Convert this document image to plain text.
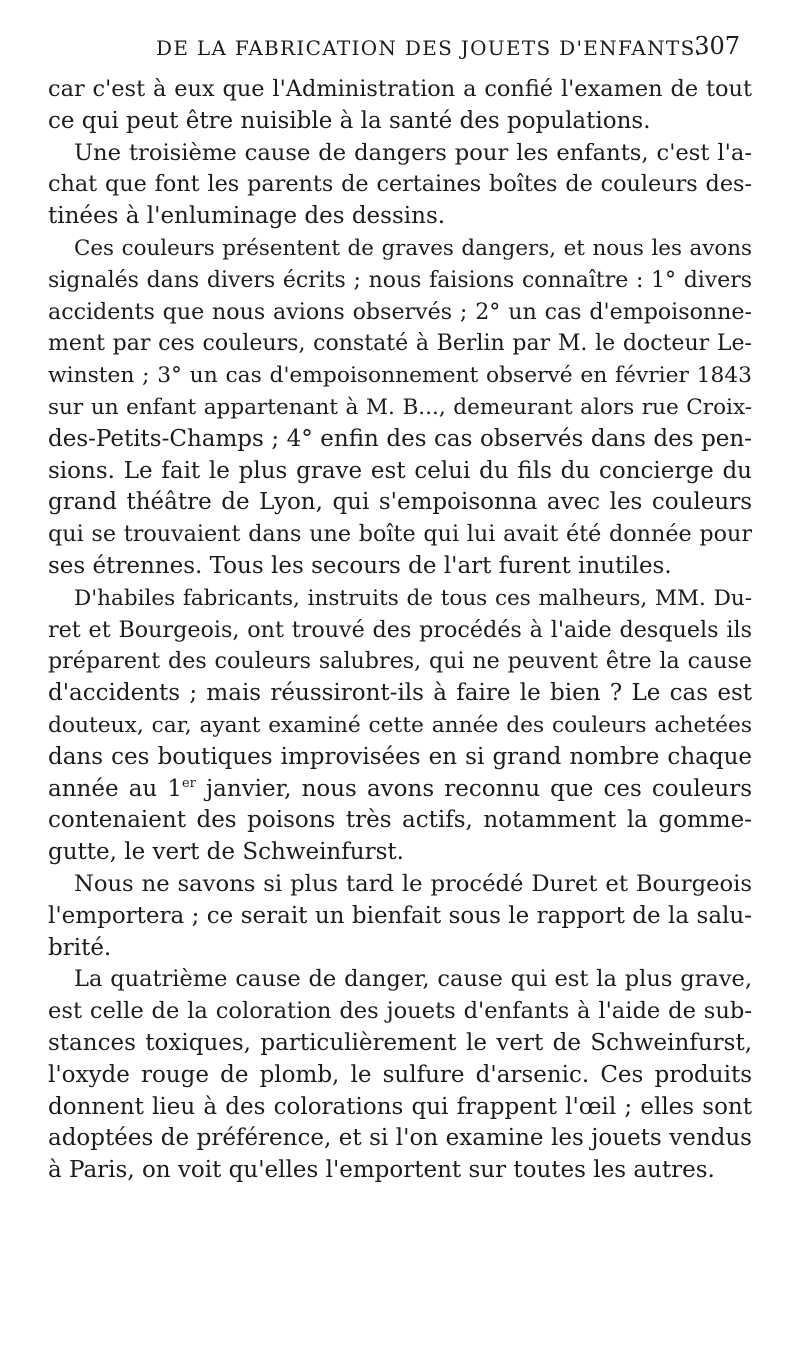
DE LA FABRICATION DES JOUETS D'ENFANTS.
307
car c'est à eux que l'Administration a confié l'examen de tout
ce qui peut être nuisible à la santé des populations.
Une troisième cause de dangers pour les enfants, c'est l'a-
chat que font les parents de certaines boîtes de couleurs des-
tinées à l'enluminage des dessins.
Ces couleurs présentent de graves dangers, et nous les avons
signalés dans divers écrits ; nous faisions connaître : 1° divers
accidents que nous avions observés ; 2° un cas d'empoisonne-
ment par ces couleurs, constaté à Berlin par M. le docteur Le-
winsten ; 3° un cas d'empoisonnement observé en février 1843
sur un enfant appartenant à M. B..., demeurant alors rue Croix-
des-Petits-Champs ; 4° enfin des cas observés dans des pen-
sions. Le fait le plus grave est celui du fils du concierge du
grand théâtre de Lyon, qui s'empoisonna avec les couleurs
qui se trouvaient dans une boîte qui lui avait été donnée pour
ses étrennes. Tous les secours de l'art furent inutiles.
D'habiles fabricants, instruits de tous ces malheurs, MM. Du-
ret et Bourgeois, ont trouvé des procédés à l'aide desquels ils
préparent des couleurs salubres, qui ne peuvent être la cause
d'accidents ; mais réussiront-ils à faire le bien ? Le cas est
douteux, car, ayant examiné cette année des couleurs achetées
dans ces boutiques improvisées en si grand nombre chaque
année au 1er janvier, nous avons reconnu que ces couleurs
contenaient des poisons très actifs, notamment la gomme-
gutte, le vert de Schweinfurst.
Nous ne savons si plus tard le procédé Duret et Bourgeois
l'emportera ; ce serait un bienfait sous le rapport de la salu-
brité.
La quatrième cause de danger, cause qui est la plus grave,
est celle de la coloration des jouets d'enfants à l'aide de sub-
stances toxiques, particulièrement le vert de Schweinfurst,
l'oxyde rouge de plomb, le sulfure d'arsenic. Ces produits
donnent lieu à des colorations qui frappent l'œil ; elles sont
adoptées de préférence, et si l'on examine les jouets vendus
à Paris, on voit qu'elles l'emportent sur toutes les autres.
